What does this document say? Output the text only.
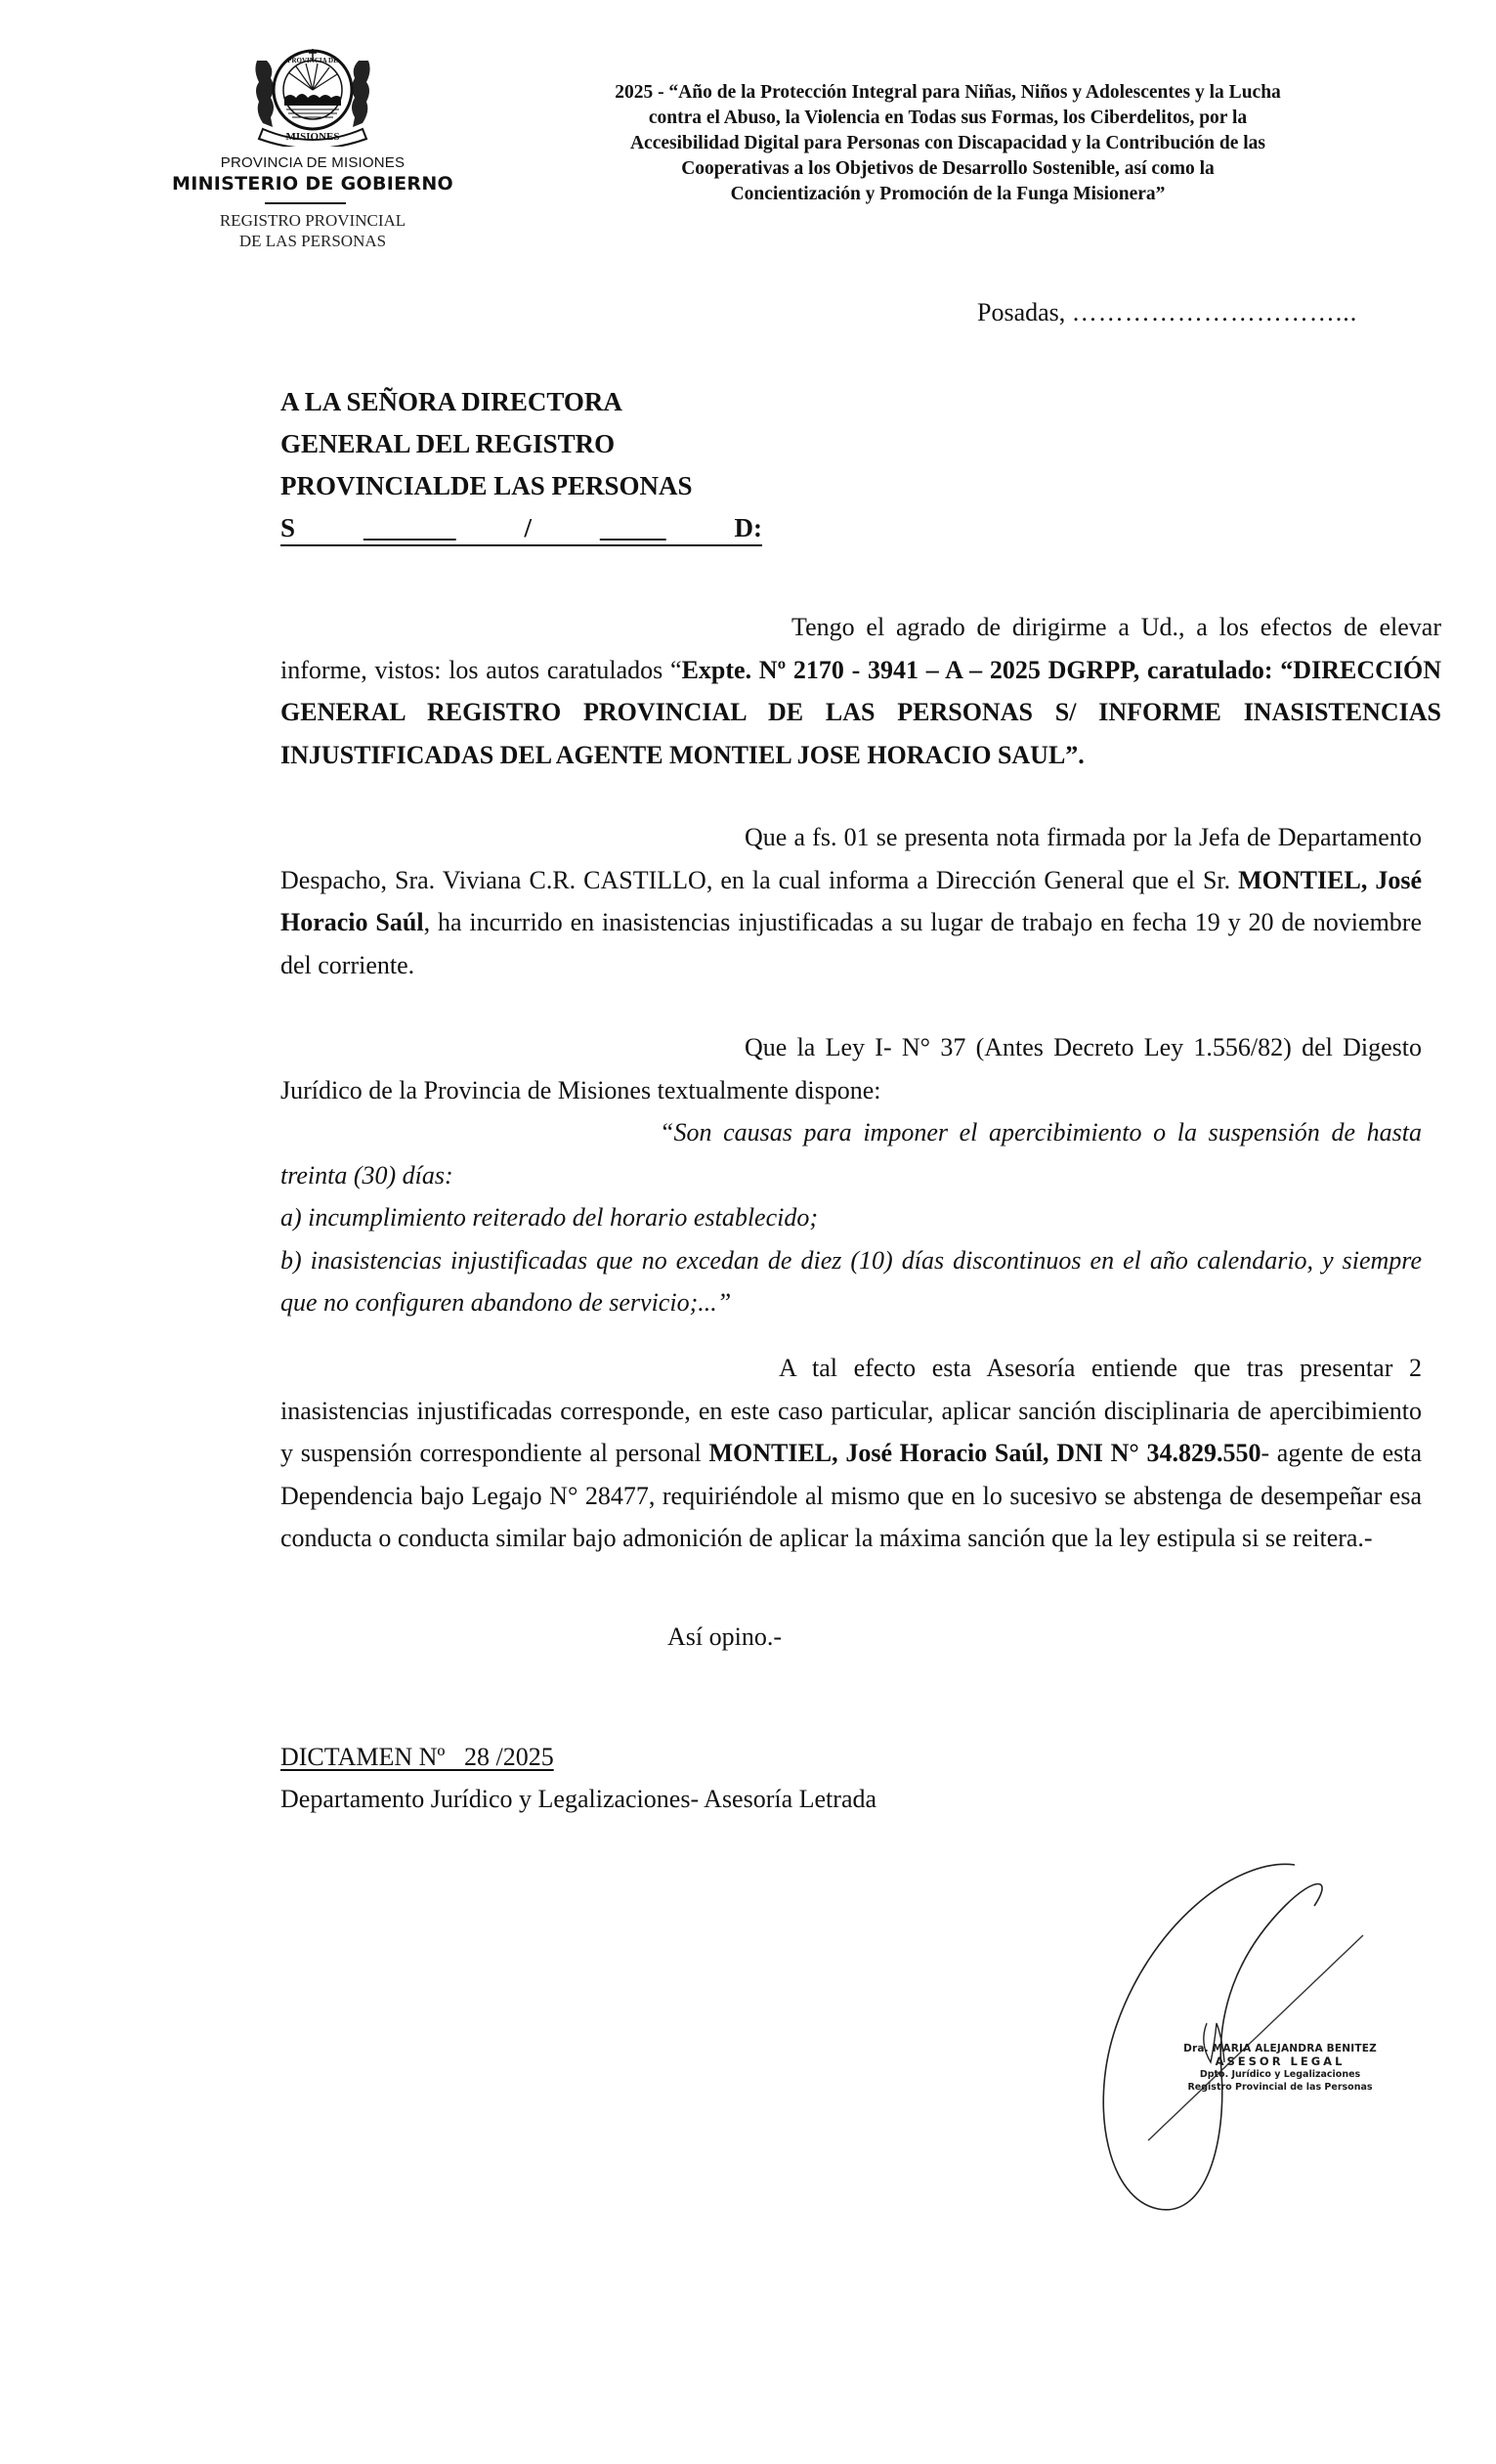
MISIONES
PROVINCIA DE
PROVINCIA DE MISIONES
MINISTERIO DE GOBIERNO
REGISTRO PROVINCIAL
DE LAS PERSONAS
2025 - “Año de la Protección Integral para Niñas, Niños y Adolescentes y la Lucha
contra el Abuso, la Violencia en Todas sus Formas, los Ciberdelitos, por la
Accesibilidad Digital para Personas con Discapacidad y la Contribución de las
Cooperativas a los Objetivos de Desarrollo Sostenible, así como la
Concientización y Promoción de la Funga Misionera”
Posadas, …………………………...
A LA SEÑORA DIRECTORA
GENERAL DEL REGISTRO
PROVINCIALDE LAS PERSONAS
S	_______	/	_____	D:

Tengo el agrado de dirigirme a Ud., a los efectos de elevar informe, vistos: los autos caratulados “Expte. Nº 2170 - 3941 – A – 2025 DGRPP, caratulado: “DIRECCIÓN GENERAL REGISTRO PROVINCIAL DE LAS PERSONAS S/ INFORME INASISTENCIAS INJUSTIFICADAS DEL AGENTE MONTIEL JOSE HORACIO SAUL”.

Que a fs. 01 se presenta nota firmada por la Jefa de Departamento Despacho, Sra. Viviana C.R. CASTILLO, en la cual informa a Dirección General que el Sr. MONTIEL, José Horacio Saúl, ha incurrido en inasistencias injustificadas a su lugar de trabajo en fecha 19 y 20 de noviembre del corriente.

Que la Ley I- N° 37 (Antes Decreto Ley 1.556/82) del Digesto Jurídico de la Provincia de Misiones textualmente dispone:

“Son causas para imponer el apercibimiento o la suspensión de hasta treinta (30) días:

a) incumplimiento reiterado del horario establecido;

b) inasistencias injustificadas que no excedan de diez (10) días discontinuos en el año calendario, y siempre que no configuren abandono de servicio;...”

A tal efecto esta Asesoría entiende que tras presentar 2 inasistencias injustificadas corresponde, en este caso particular, aplicar sanción disciplinaria de apercibimiento y suspensión correspondiente al personal MONTIEL, José Horacio Saúl, DNI N° 34.829.550- agente de esta Dependencia bajo Legajo N° 28477, requiriéndole al mismo que en lo sucesivo se abstenga de desempeñar esa conducta o conducta similar bajo admonición de aplicar la máxima sanción que la ley estipula si se reitera.-

Así opino.-
DICTAMEN Nº   28 /2025
Departamento Jurídico y Legalizaciones- Asesoría Letrada
Dra. MARIA ALEJANDRA BENITEZ
ASESOR LEGAL
Dpto. Jurídico y Legalizaciones
Registro Provincial de las Personas
